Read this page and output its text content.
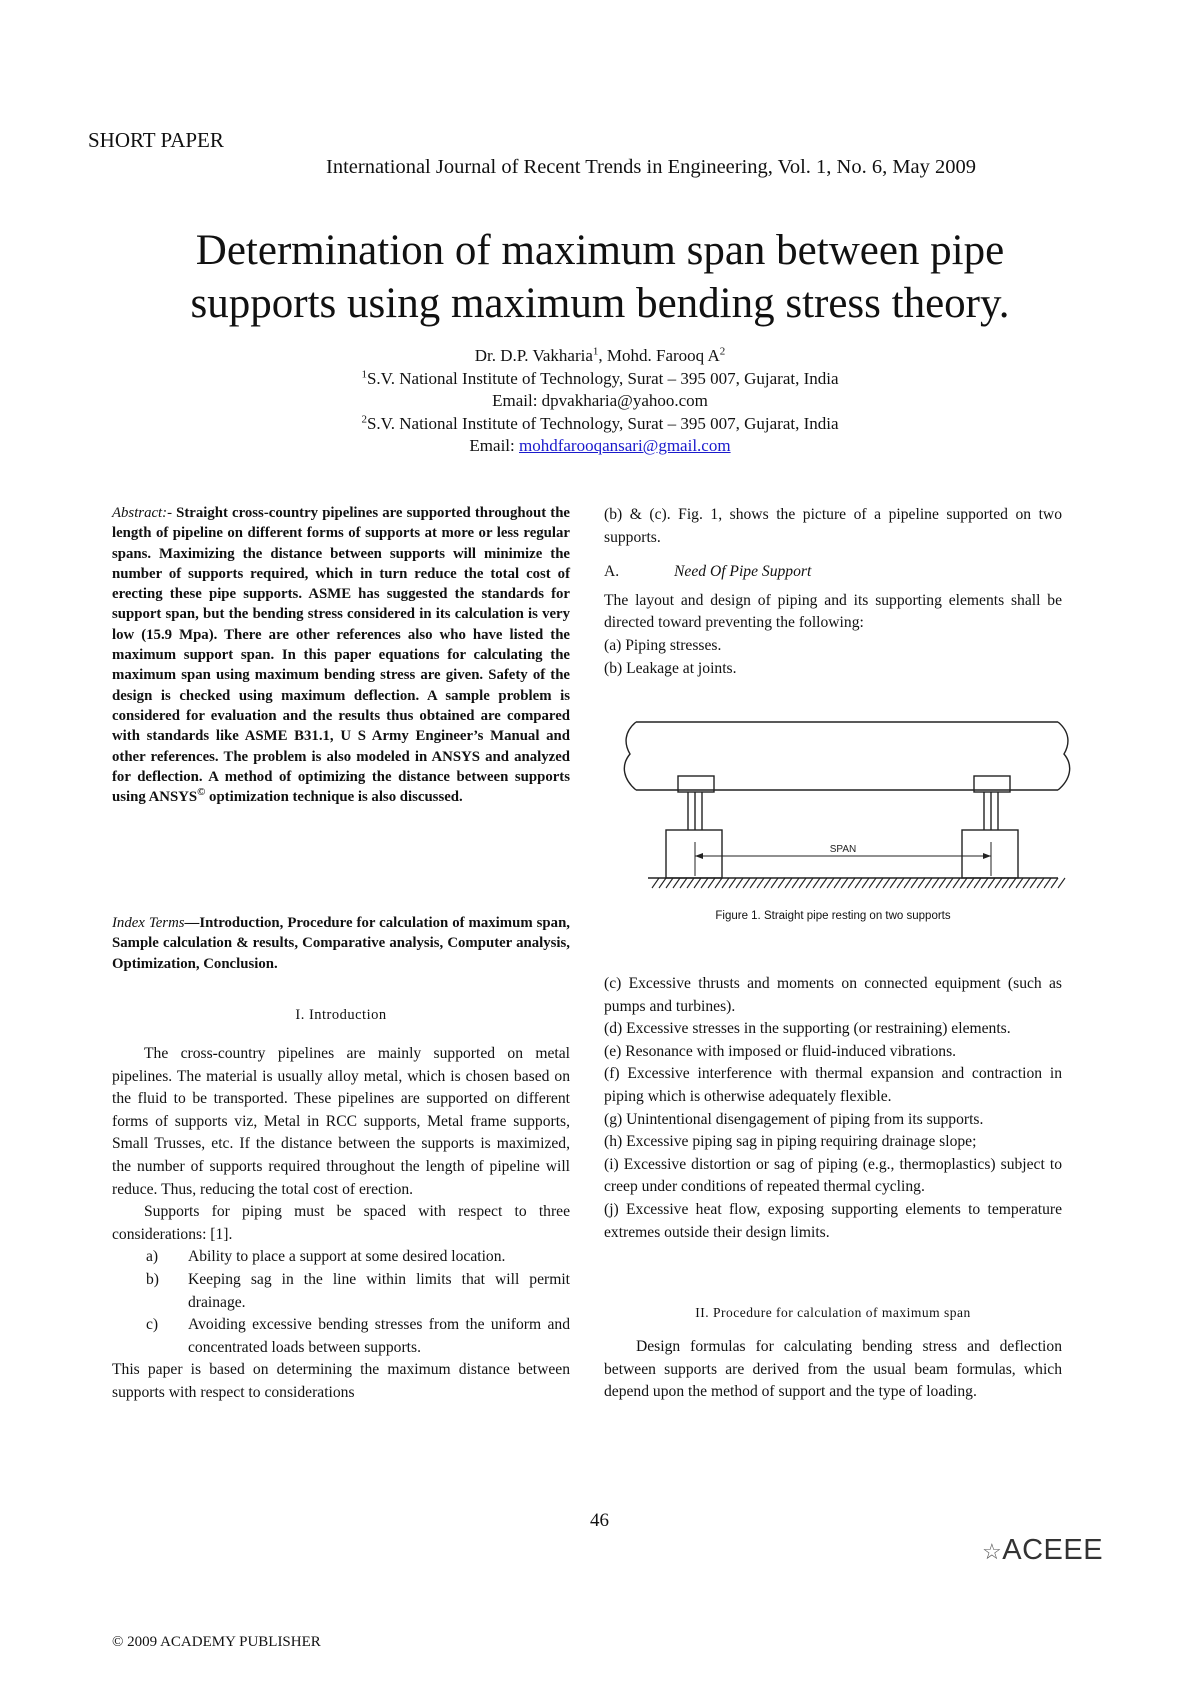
SHORT PAPER
International Journal of Recent Trends in Engineering, Vol. 1, No. 6, May 2009
Determination of maximum span between pipe
supports using maximum bending stress theory.
Dr. D.P. Vakharia$^1$, Mohd. Farooq $A^2$
$^1$S.V. National Institute of Technology, Surat – 395 007, Gujarat, India
Email: dpvakharia@yahoo.com
$^2$S.V. National Institute of Technology, Surat – 395 007, Gujarat, India
Email: mohdfarooqansari@gmail.com
Abstract:- Straight cross-country pipelines are supported throughout the length of pipeline on different forms of supports at more or less regular spans. Maximizing the distance between supports will minimize the number of supports required, which in turn reduce the total cost of erecting these pipe supports. ASME has suggested the standards for support span, but the bending stress considered in its calculation is very low (15.9 Mpa). There are other references also who have listed the maximum support span. In this paper equations for calculating the maximum span using maximum bending stress are given. Safety of the design is checked using maximum deflection. A sample problem is considered for evaluation and the results thus obtained are compared with standards like ASME B31.1, U S Army Engineer’s Manual and other references. The problem is also modeled in ANSYS and analyzed for deflection. A method of optimizing the distance between supports using ANSYS© optimization technique is also discussed.
Index Terms—Introduction, Procedure for calculation of maximum span, Sample calculation & results, Comparative analysis, Computer analysis, Optimization, Conclusion.
I. Introduction

The cross-country pipelines are mainly supported on metal pipelines. The material is usually alloy metal, which is chosen based on the fluid to be transported. These pipelines are supported on different forms of supports viz, Metal in RCC supports, Metal frame supports, Small Trusses, etc. If the distance between the supports is maximized, the number of supports required throughout the length of pipeline will reduce. Thus, reducing the total cost of erection.

Supports for piping must be spaced with respect to three considerations: [1].

a)	Ability to place a support at some desired location.
b)	Keeping sag in the line within limits that will permit drainage.
c)	Avoiding excessive bending stresses from the uniform and concentrated loads between supports.

This paper is based on determining the maximum distance between supports with respect to considerations

(b) & (c). Fig. 1, shows the picture of a pipeline supported on two supports.

A.	Need Of Pipe Support

The layout and design of piping and its supporting elements shall be directed toward preventing the following:

(a) Piping stresses.
(b) Leakage at joints.
SPAN
Figure 1. Straight pipe resting on two supports
(c) Excessive thrusts and moments on connected equipment (such as pumps and turbines).
(d) Excessive stresses in the supporting (or restraining) elements.
(e) Resonance with imposed or fluid-induced vibrations.
(f) Excessive interference with thermal expansion and contraction in piping which is otherwise adequately flexible.
(g) Unintentional disengagement of piping from its supports.
(h) Excessive piping sag in piping requiring drainage slope;
(i) Excessive distortion or sag of piping (e.g., thermoplastics) subject to creep under conditions of repeated thermal cycling.
(j) Excessive heat flow, exposing supporting elements to temperature extremes outside their design limits.
II. Procedure for calculation of maximum span

Design formulas for calculating bending stress and deflection between supports are derived from the usual beam formulas, which depend upon the method of support and the type of loading.

46
☆ACEEE
© 2009 ACADEMY PUBLISHER
